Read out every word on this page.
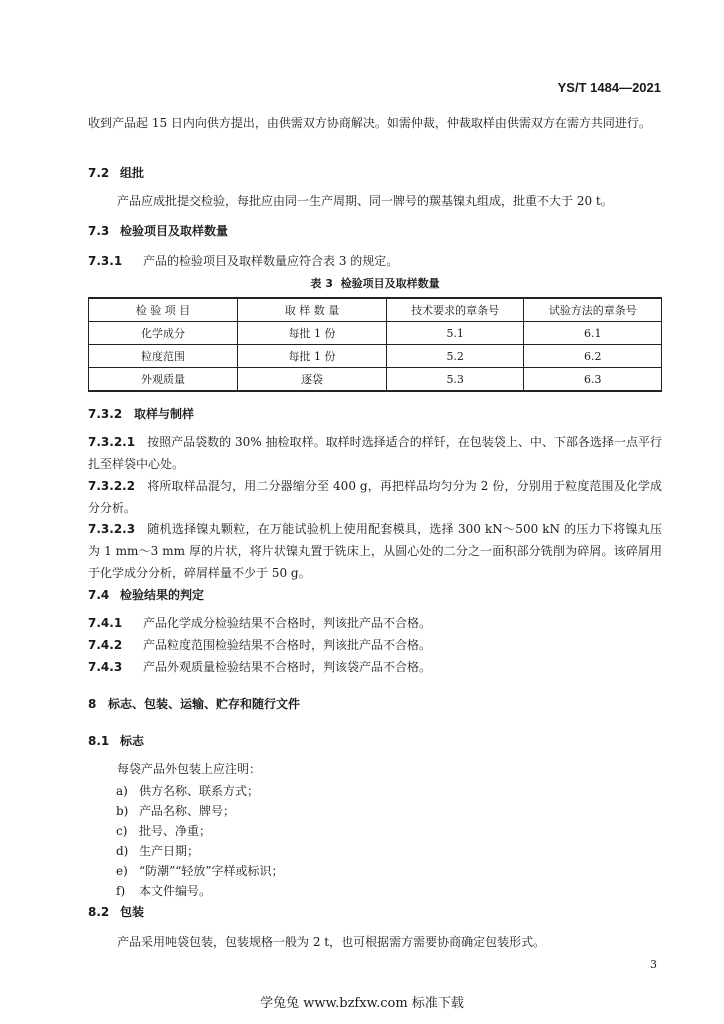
YS/T 1484—2021
收到产品起 15 日内向供方提出，由供需双方协商解决。如需仲裁，仲裁取样由供需双方在需方共同进行。
7.2 组批
产品应成批提交检验，每批应由同一生产周期、同一牌号的羰基镍丸组成，批重不大于 20 t。
7.3 检验项目及取样数量
7.3.1 产品的检验项目及取样数量应符合表 3 的规定。
表 3 检验项目及取样数量
检 验 项 目	取 样 数 量	技术要求的章条号	试验方法的章条号
化学成分	每批 1 份	5.1	6.1
粒度范围	每批 1 份	5.2	6.2
外观质量	逐袋	5.3	6.3
7.3.2 取样与制样
7.3.2.1 按照产品袋数的 30% 抽检取样。取样时选择适合的样钎，在包装袋上、中、下部各选择一点平行扎至样袋中心处。
7.3.2.2 将所取样品混匀，用二分器缩分至 400 g，再把样品均匀分为 2 份，分别用于粒度范围及化学成分分析。
7.3.2.3 随机选择镍丸颗粒，在万能试验机上使用配套模具，选择 300 kN～500 kN 的压力下将镍丸压为 1 mm～3 mm 厚的片状，将片状镍丸置于铣床上，从圆心处的二分之一面积部分铣削为碎屑。该碎屑用于化学成分分析，碎屑样量不少于 50 g。
7.4 检验结果的判定
7.4.1 产品化学成分检验结果不合格时，判该批产品不合格。
7.4.2 产品粒度范围检验结果不合格时，判该批产品不合格。
7.4.3 产品外观质量检验结果不合格时，判该袋产品不合格。
8 标志、包装、运输、贮存和随行文件
8.1 标志
每袋产品外包装上应注明：
a) 供方名称、联系方式；
b) 产品名称、牌号；
c) 批号、净重；
d) 生产日期；
e) “防潮”“轻放”字样或标识；
f) 本文件编号。
8.2 包装
产品采用吨袋包装，包装规格一般为 2 t，也可根据需方需要协商确定包装形式。
3
学兔兔 www.bzfxw.com 标准下载
